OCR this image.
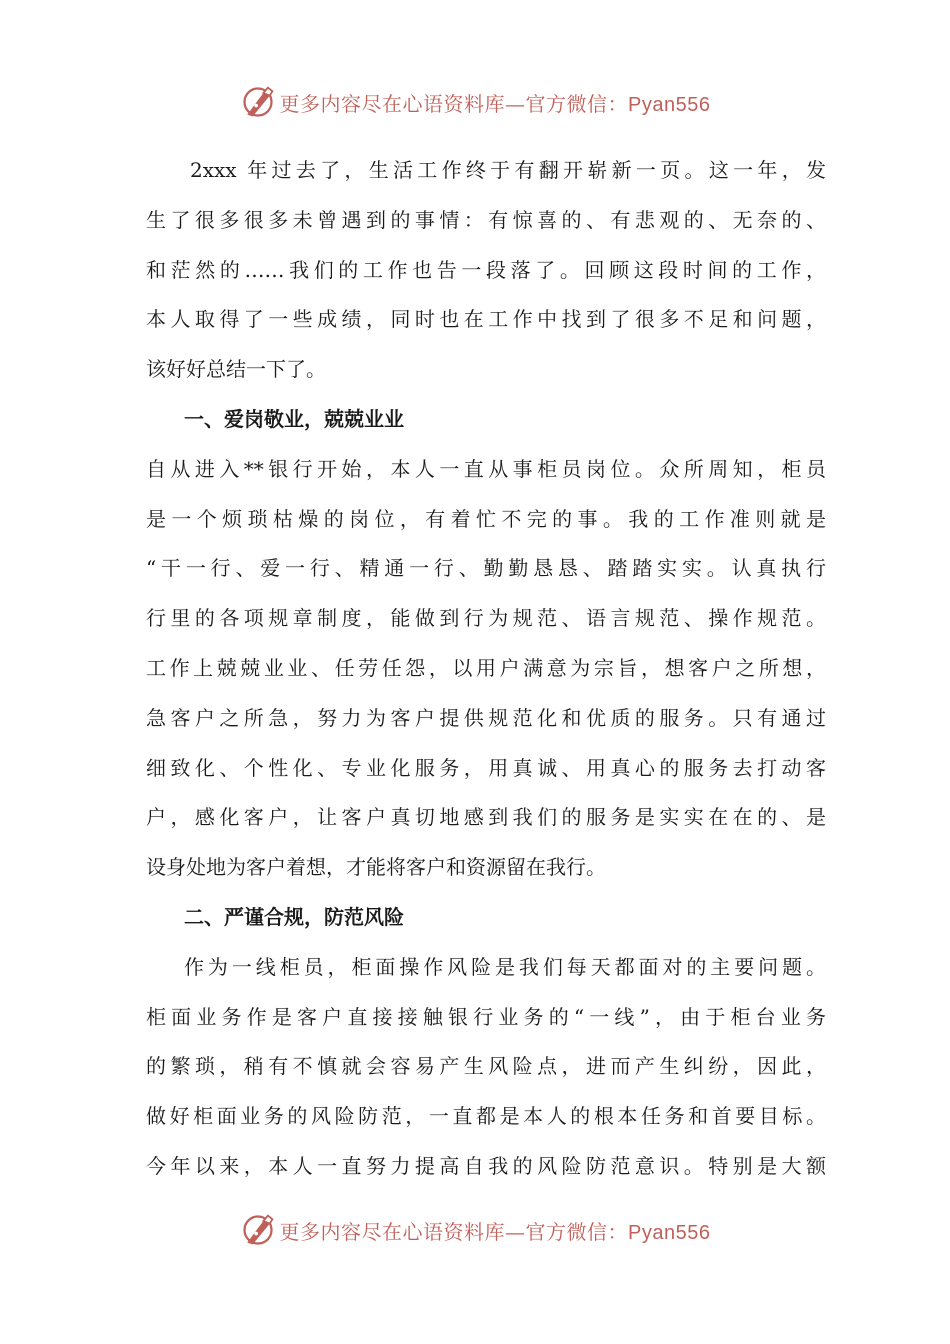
更多内容尽在心语资料库—官方微信：Pyan556
2xxx 年过去了，生活工作终于有翻开崭新一页。这一年，发
生了很多很多未曾遇到的事情：有惊喜的、有悲观的、无奈的、
和茫然的……我们的工作也告一段落了。回顾这段时间的工作，
本人取得了一些成绩，同时也在工作中找到了很多不足和问题，
该好好总结一下了。
一、爱岗敬业，兢兢业业
自从进入**银行开始，本人一直从事柜员岗位。众所周知，柜员
是一个烦琐枯燥的岗位，有着忙不完的事。我的工作准则就是
“干一行、爱一行、精通一行、勤勤恳恳、踏踏实实。认真执行
行里的各项规章制度，能做到行为规范、语言规范、操作规范。
工作上兢兢业业、任劳任怨，以用户满意为宗旨，想客户之所想，
急客户之所急，努力为客户提供规范化和优质的服务。只有通过
细致化、个性化、专业化服务，用真诚、用真心的服务去打动客
户，感化客户，让客户真切地感到我们的服务是实实在在的、是
设身处地为客户着想，才能将客户和资源留在我行。
二、严谨合规，防范风险
作为一线柜员，柜面操作风险是我们每天都面对的主要问题。
柜面业务作是客户直接接触银行业务的“一线”，由于柜台业务
的繁琐，稍有不慎就会容易产生风险点，进而产生纠纷，因此，
做好柜面业务的风险防范，一直都是本人的根本任务和首要目标。
今年以来，本人一直努力提高自我的风险防范意识。特别是大额
更多内容尽在心语资料库—官方微信：Pyan556
